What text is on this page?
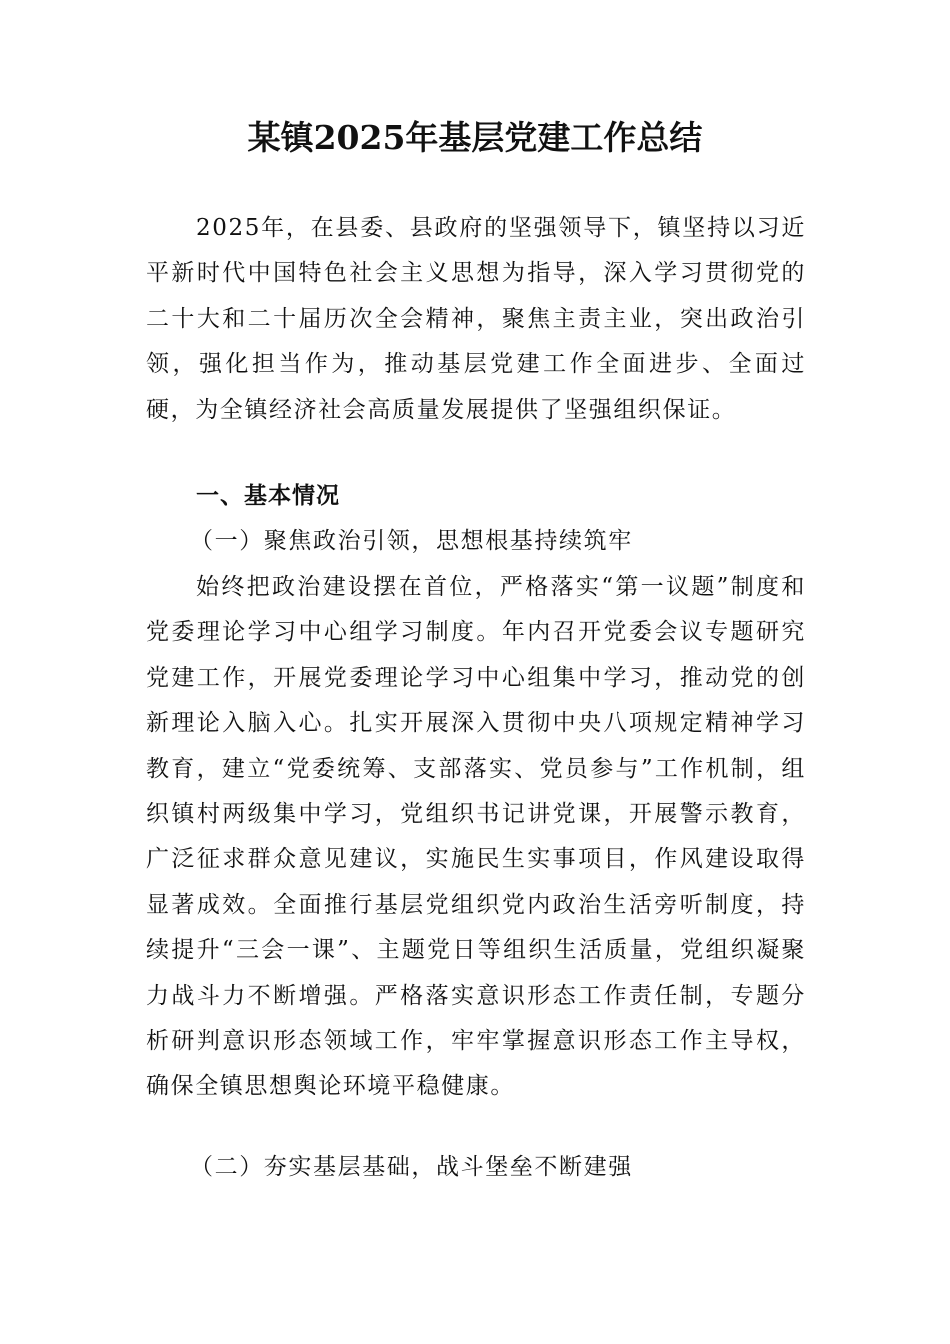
某镇2025年基层党建工作总结
2025年，在县委、县政府的坚强领导下，镇坚持以习近平新时代中国特色社会主义思想为指导，深入学习贯彻党的二十大和二十届历次全会精神，聚焦主责主业，突出政治引领，强化担当作为，推动基层党建工作全面进步、全面过硬，为全镇经济社会高质量发展提供了坚强组织保证。
一、基本情况
（一）聚焦政治引领，思想根基持续筑牢
始终把政治建设摆在首位，严格落实“第一议题”制度和党委理论学习中心组学习制度。年内召开党委会议专题研究党建工作，开展党委理论学习中心组集中学习，推动党的创新理论入脑入心。扎实开展深入贯彻中央八项规定精神学习教育，建立“党委统筹、支部落实、党员参与”工作机制，组织镇村两级集中学习，党组织书记讲党课，开展警示教育，广泛征求群众意见建议，实施民生实事项目，作风建设取得显著成效。全面推行基层党组织党内政治生活旁听制度，持续提升“三会一课”、主题党日等组织生活质量，党组织凝聚力战斗力不断增强。严格落实意识形态工作责任制，专题分析研判意识形态领域工作，牢牢掌握意识形态工作主导权，确保全镇思想舆论环境平稳健康。
（二）夯实基层基础，战斗堡垒不断建强
